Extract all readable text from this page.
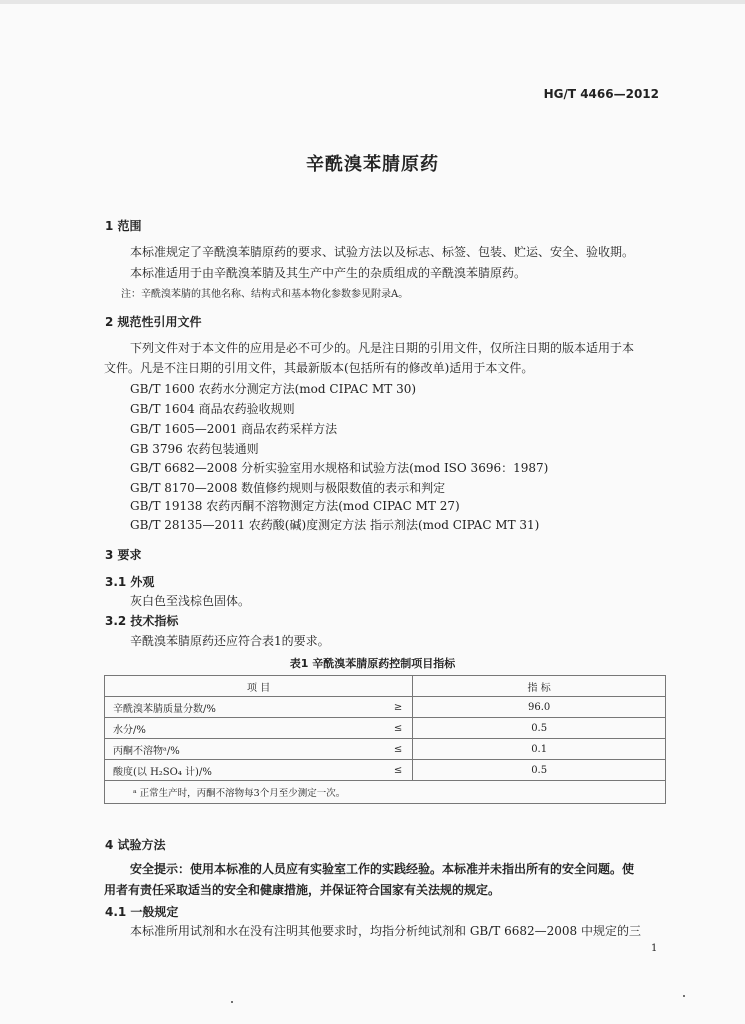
HG/T 4466—2012
辛酰溴苯腈原药
1 范围
本标准规定了辛酰溴苯腈原药的要求、试验方法以及标志、标签、包装、贮运、安全、验收期。
本标准适用于由辛酰溴苯腈及其生产中产生的杂质组成的辛酰溴苯腈原药。
注：辛酰溴苯腈的其他名称、结构式和基本物化参数参见附录A。
2 规范性引用文件
下列文件对于本文件的应用是必不可少的。凡是注日期的引用文件，仅所注日期的版本适用于本
文件。凡是不注日期的引用文件，其最新版本(包括所有的修改单)适用于本文件。
GB/T 1600 农药水分测定方法(mod CIPAC MT 30)
GB/T 1604 商品农药验收规则
GB/T 1605—2001 商品农药采样方法
GB 3796 农药包装通则
GB/T 6682—2008 分析实验室用水规格和试验方法(mod ISO 3696：1987)
GB/T 8170—2008 数值修约规则与极限数值的表示和判定
GB/T 19138 农药丙酮不溶物测定方法(mod CIPAC MT 27)
GB/T 28135—2011 农药酸(碱)度测定方法 指示剂法(mod CIPAC MT 31)
3 要求
3.1 外观
灰白色至浅棕色固体。
3.2 技术指标
辛酰溴苯腈原药还应符合表1的要求。
表1 辛酰溴苯腈原药控制项目指标
项 目		指 标
辛酰溴苯腈质量分数/%	≥	96.0
水分/%	≤	0.5
丙酮不溶物ᵃ/%	≤	0.1
酸度(以 H₂SO₄ 计)/%	≤	0.5
ᵃ 正常生产时，丙酮不溶物每3个月至少测定一次。		
4 试验方法
安全提示：使用本标准的人员应有实验室工作的实践经验。本标准并未指出所有的安全问题。使
用者有责任采取适当的安全和健康措施，并保证符合国家有关法规的规定。
4.1 一般规定
本标准所用试剂和水在没有注明其他要求时，均指分析纯试剂和 GB/T 6682—2008 中规定的三
1
